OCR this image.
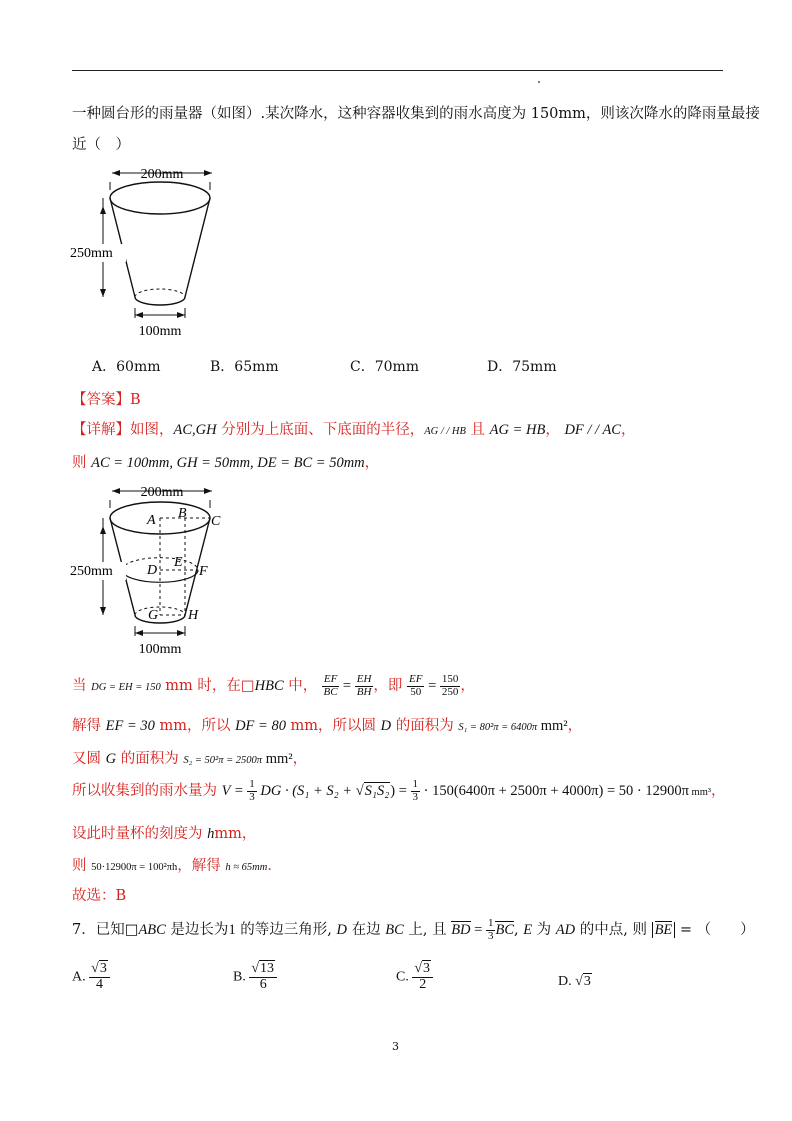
一种圆台形的雨量器（如图）.某次降水，这种容器收集到的雨水高度为 150mm，则该次降水的降雨量最接
近（　）
200mm
250mm
100mm
A．60mm	B．65mm	C．70mm	D．75mm
【答案】B
【详解】如图，AC,GH 分别为上底面、下底面的半径，AG / / HB 且 AG = HB， DF / / AC，
则 AC = 100mm, GH = 50mm, DE = BC = 50mm，
200mm
A B
C
D
E
F
G H
250mm
100mm
当 DG = EH = 150 mm 时，在□HBC 中， $\frac{EF}{BC} = \frac{EH}{BH}$ ，即 $\frac{EF}{50} = \frac{150}{250}$ ，
解得 EF = 30 mm，所以 DF = 80 mm，所以圆 D 的面积为 S₁ = 80²π = 6400π mm²，
又圆 G 的面积为 S₂ = 50²π = 2500π mm²，
所以收集到的雨水量为 $V = \frac{1}{3}$ DG · $(S_1 + S_2 + √S_1S_2) = \frac{1}{3} \cdot 150(6400\pi + 2500\pi + 4000\pi) = 50 \cdot 12900\pi$ mm³，
设此时量杯的刻度为 hmm，
则 50·12900π = 100²πh，解得 h ≈ 65mm．
故选：B
7．已知□ABC 是边长为1 的等边三角形, D 在边 BC 上, 且 BD = $\frac{1}{3}$ BC, E 为 AD 的中点, 则 BE = （　　）
A. $\frac{√3}{4}$	B. $\frac{√13}{6}$	C. $\frac{√3}{2}$	D. √3
3
